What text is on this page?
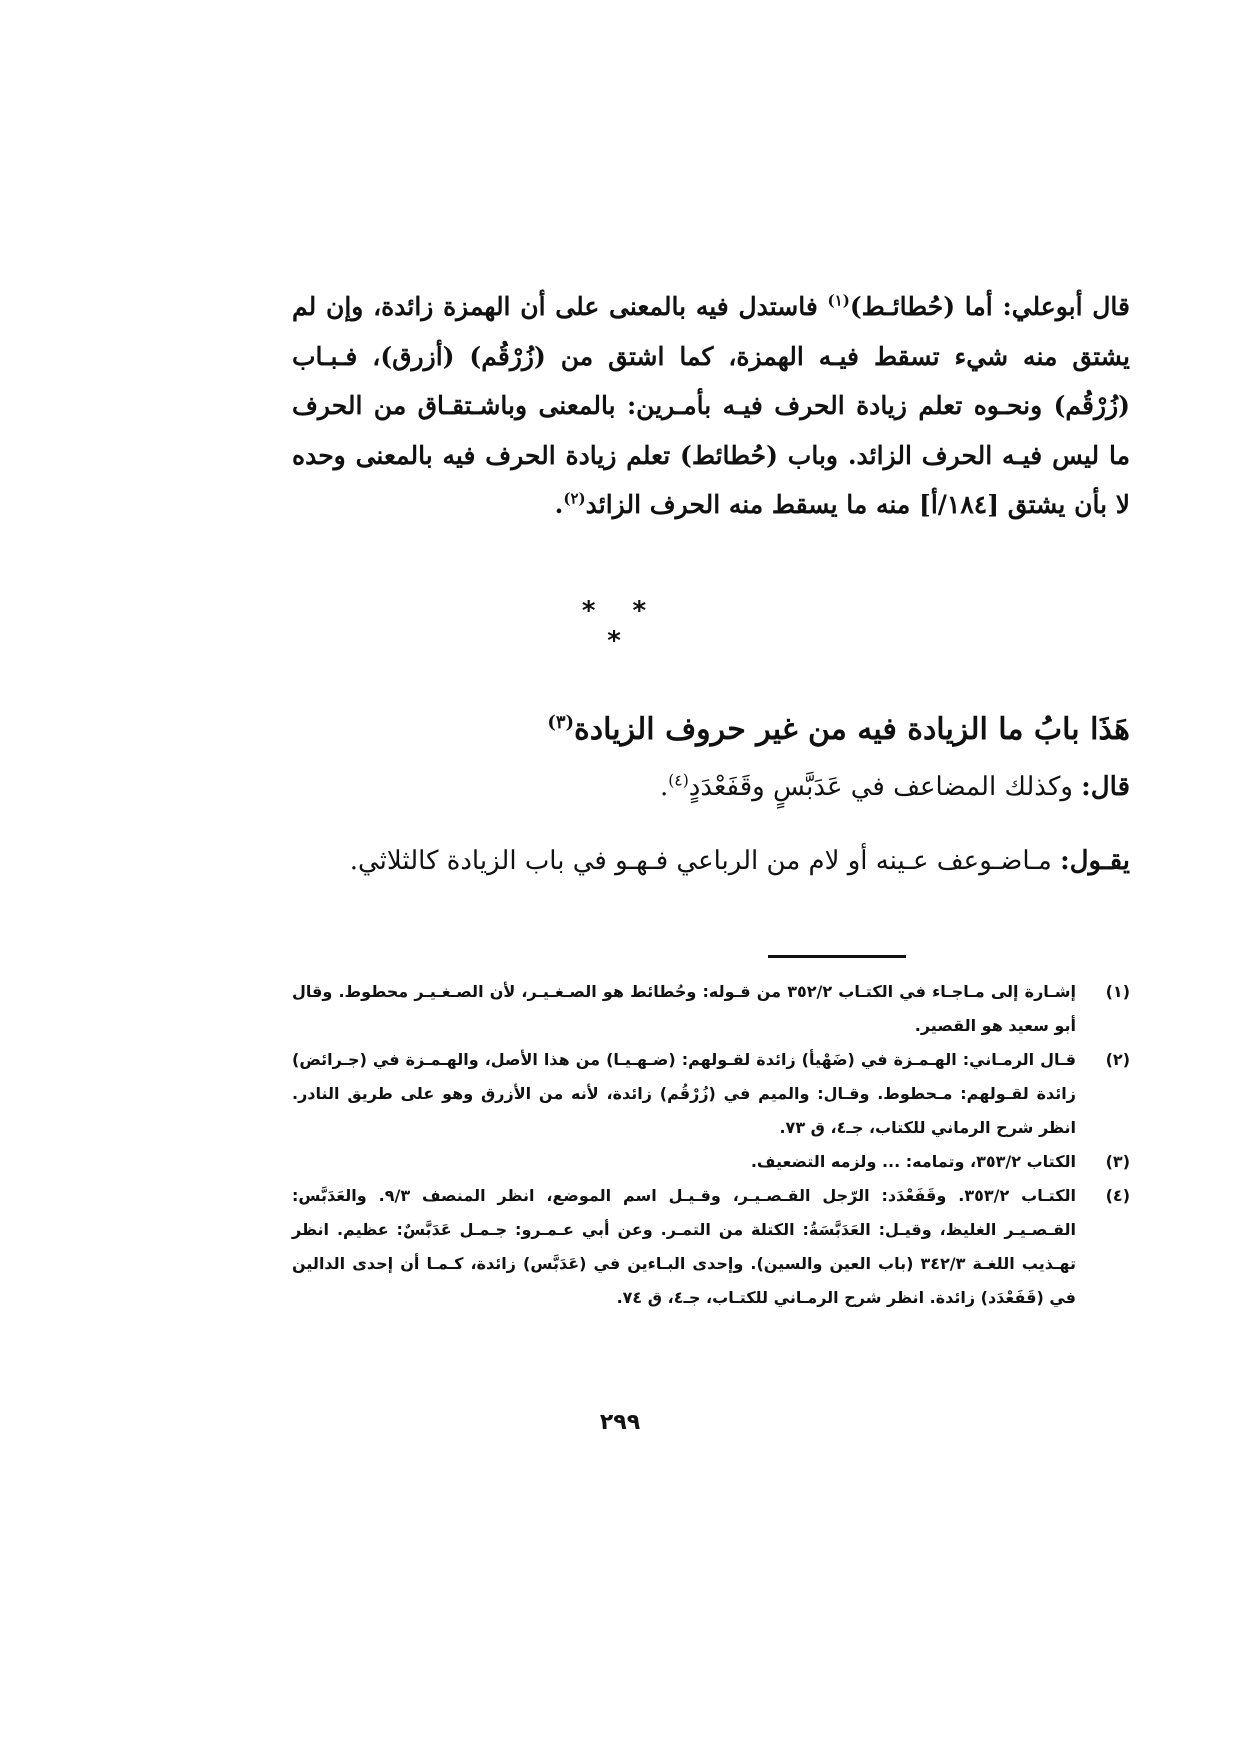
قال أبوعلي: أما (حُطائـط)$^{(١)}$ فاستدل فيه بالمعنى على أن الهمزة زائدة، وإن لم يشتق منه شيء تسقط فيـه الهمزة، كما اشتق من (زُرْقُم) (أزرق)، فـبـاب (زُرْقُم) ونحـوه تعلم زيادة الحرف فيـه بأمـرين: بالمعنى وباشـتقـاق من الحرف ما ليس فيـه الحرف الزائد. وباب (حُطائط) تعلم زيادة الحرف فيه بالمعنى وحده لا بأن يشتق [١٨٤/أ] منه ما يسقط منه الحرف الزائد$^{(٢)}$.
* * *
هَذَا بابُ ما الزيادة فيه من غير حروف الزيادة$^{(٣)}$
قال: وكذلك المضاعف في عَدَبَّسٍ وقَفَعْدَدٍ$^{(٤)}$.
يقـول: مـاضـوعف عـينه أو لام من الرباعي فـهـو في باب الزيادة كالثلاثي.
(١)
إشـارة إلى مـاجـاء في الكتـاب ٣٥٢/٢ من قـوله: وحُطائط هو الصـغـيـر، لأن الصـغـيـر محطوط. وقال أبو سعيد هو القصير.
(٢)
قـال الرمـاني: الهـمـزة في (ضَهْيأ) زائدة لقـولهم: (ضـهـيـا) من هذا الأصل، والهـمـزة في (جـرائض) زائدة لقـولهم: مـحطوط. وقـال: والميم في (زُرْقُم) زائدة، لأنه من الأزرق وهو على طريق النادر. انظر شرح الرماني للكتاب، جـ٤، ق ٧٣.
(٣)
الكتاب ٣٥٣/٢، وتمامه: ... ولزمه التضعيف.
(٤)
الكتـاب ٣٥٣/٢. وقَفَعْدَد: الرّجل القـصـيـر، وقـيـل اسم الموضع، انظر المنصف ٩/٣. والعَدَبَّس: القـصـيـر الغليظ، وقيـل: العَدَبَّسَةُ: الكتلة من التمـر. وعن أبي عـمـرو: جـمـل عَدَبَّسٌ: عظيم. انظر تهـذيب اللغـة ٣٤٢/٣ (باب العين والسين). وإحدى البـاءين في (عَدَبَّس) زائدة، كـمـا أن إحدى الدالين في (قَفَعْدَد) زائدة. انظر شرح الرمـاني للكتـاب، جـ٤، ق ٧٤.
٢٩٩
